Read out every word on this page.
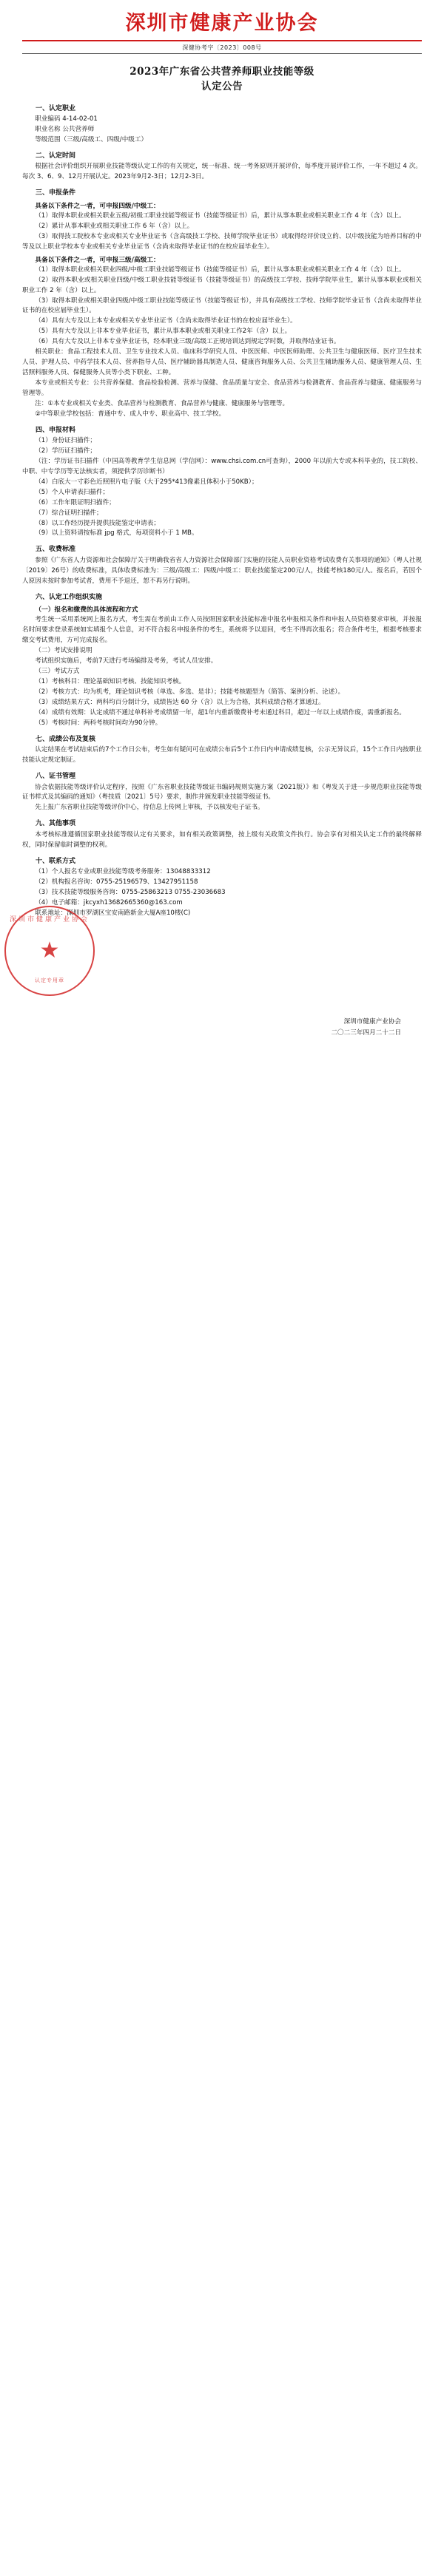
深圳市健康产业协会
深健协考字〔2023〕008号
2023年广东省公共营养师职业技能等级
认定公告
一、认定职业

职业编码 4-14-02-01

职业名称 公共营养师

等级范围（三级/高级工、四级/中级工）

二、认定时间

根据社会评价组织开展职业技能等级认定工作的有关规定，统一标准、统一考务原则开展评价，每季度开展评价工作，一年不超过 4 次。每次 3、6、9、12月开展认定。2023年9月2-3日；12月2-3日。

三、申报条件
具备以下条件之一者，可申报四级/中级工：

（1）取得本职业或相关职业五级/初级工职业技能等级证书（技能等级证书）后，累计从事本职业或相关职业工作 4 年（含）以上。

（2）累计从事本职业或相关职业工作 6 年（含）以上。

（3）取得技工院校本专业或相关专业毕业证书（含高级技工学校、技师学院毕业证书）或取得经评价设立的、以中级技能为培养目标的中等及以上职业学校本专业或相关专业毕业证书（含尚未取得毕业证书的在校应届毕业生）。

具备以下条件之一者，可申报三级/高级工：

（1）取得本职业或相关职业四级/中级工职业技能等级证书（技能等级证书）后，累计从事本职业或相关职业工作 4 年（含）以上。

（2）取得本职业或相关职业四级/中级工职业技能等级证书（技能等级证书）的高级技工学校、技师学院毕业生，累计从事本职业或相关职业工作 2 年（含）以上。

（3）取得本职业或相关职业四级/中级工职业技能等级证书（技能等级证书），并具有高级技工学校、技师学院毕业证书（含尚未取得毕业证书的在校应届毕业生）。

（4）具有大专及以上本专业或相关专业毕业证书（含尚未取得毕业证书的在校应届毕业生）。

（5）具有大专及以上非本专业毕业证书，累计从事本职业或相关职业工作2年（含）以上。

（6）具有大专及以上非本专业毕业证书，经本职业三级/高级工正规培训达到规定学时数，并取得结业证书。

相关职业：食品工程技术人员、卫生专业技术人员、临床科学研究人员、中医医师、中医医师助理、公共卫生与健康医师、医疗卫生技术人员、护理人员、中药学技术人员、营养指导人员、医疗辅助器具制造人员、健康咨询服务人员、公共卫生辅助服务人员、健康管理人员、生活照料服务人员、保健服务人员等小类下职业、工种。

本专业或相关专业：公共营养保健、食品检验检测、营养与保健、食品质量与安全、食品营养与检测教育、食品营养与健康、健康服务与管理等。

注：①本专业或相关专业类、食品营养与检测教育、食品营养与健康、健康服务与管理等。

②中等职业学校包括：普通中专、成人中专、职业高中、技工学校。

四、申报材料

（1）身份证扫描件；

（2）学历证扫描件；

（注：学历证书扫描件（中国高等教育学生信息网（学信网）：www.chsi.com.cn可查询），2000 年以前大专或本科毕业的，技工院校、中职、中专学历等无法核实者，须提供学历诊断书）

（4）白底大一寸彩色近照照片电子版（大于295*413像素且体积小于50KB）；

（5）个人申请表扫描件；

（6）工作年限证明扫描件；

（7）综合证明扫描件；

（8）以工作经历提升提供技能鉴定申请表；

（9）以上资料请按标准 jpg 格式，每项资料小于 1 MB。

五、收费标准

参照《广东省人力资源和社会保障厅关于明确我省省人力资源社会保障部门实施的技能人员职业资格考试收费有关事项的通知》（粤人社规〔2019〕26号）的收费标准，具体收费标准为：三级/高级工：四级/中级工：职业技能鉴定200元/人，技能考核180元/人。报名后，若因个人原因未按时参加考试者，费用不予退还，恕不再另行说明。

六、认定工作组织实施
（一）报名和缴费的具体流程和方式

考生统一采用系统网上报名方式，考生需在考前由工作人员按照国家职业技能标准中报名申报相关条件和申报人员资格要求审核，并按报名时间要求登录系统如实填报个人信息，对不符合报名申报条件的考生，系统将予以退回，考生不得再次报名；符合条件考生，根据考核要求缴交考试费用，方可完成报名。

（二）考试安排说明

考试组织实施后，考前7天进行考场编排及考务，考试人员安排。

（三）考试方式

（1）考核科目：理论基础知识考核、技能知识考核。

（2）考核方式：均为机考，理论知识考核（单选、多选、是非）；技能考核题型为（简答、案例分析、论述）。

（3）成绩结果方式：两科均百分制计分，成绩皆达 60 分（含）以上为合格，其科成绩合格才算通过。

（4）成绩有效期：认定成绩不通过单科补考成绩留一年，超1年内重新缴费补考未通过科目，超过一年以上成绩作废，需重新报名。

（5）考核时间：两科考核时间均为90分钟。

七、成绩公布及复核

认定结果在考试结束后的7个工作日公布，考生如有疑问可在成绩公布后5个工作日内申请成绩复核，公示无异议后，15个工作日内按职业技能认定规定制证。

八、证书管理

协会依据技能等级评价认定程序，按照《广东省职业技能等级证书编码规则实施方案（2021版）》和《粤发关于进一步规范职业技能等级证书样式及其编码的通知》（粤技质〔2021〕5号）要求，制作并颁发职业技能等级证书。

先上报广东省职业技能等级评价中心，待信息上传网上审核，予以核发电子证书。

九、其他事项

本考核标准遵循国家职业技能等级认定有关要求，如有相关政策调整，按上级有关政策文件执行。协会享有对相关认定工作的最终解释权，同时保留临时调整的权利。

十、联系方式

（1）个人报名专业或职业技能等级考务服务：13048833312

（2）机构报名咨询：0755-25196579、13427951158

（3）技术技能等级服务咨询：0755-25863213 0755-23036683

（4）电子邮箱：jkcyxh13682665360@163.com

联系地址：深圳市罗湖区宝安南路新金大厦A座10楼(C)

深圳市健康产业协会
★
认定专用章
深圳市健康产业协会
二〇二三年四月二十二日
